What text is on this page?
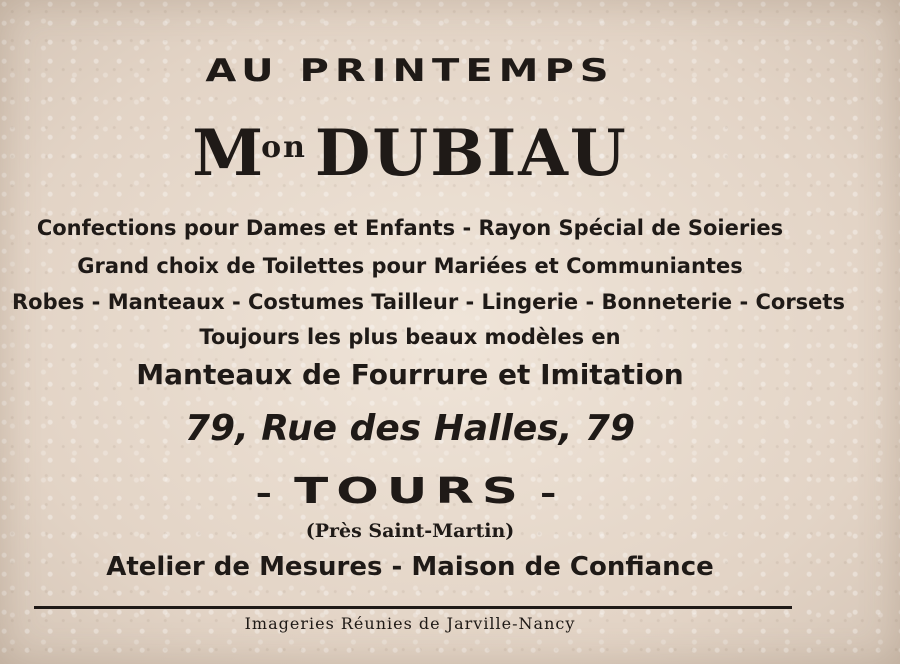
AU PRINTEMPS
$M^{on}$ DUBIAU
Confections pour Dames et Enfants - Rayon Spécial de Soieries
Grand choix de Toilettes pour Mariées et Communiantes
Robes - Manteaux - Costumes Tailleur - Lingerie - Bonneterie - Corsets
Toujours les plus beaux modèles en
Manteaux de Fourrure et Imitation
79, Rue des Halles, 79
- TOURS -
(Près Saint-Martin)
Atelier de Mesures - Maison de Confiance
Imageries Réunies de Jarville-Nancy
